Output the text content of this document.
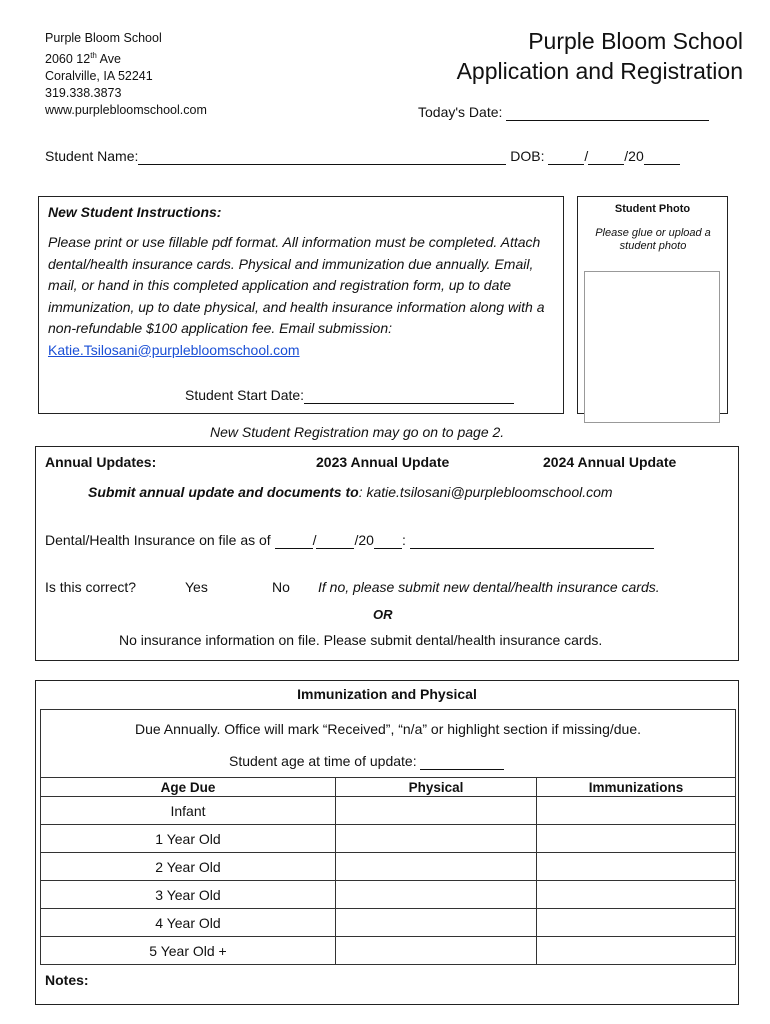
Purple Bloom School
2060 12th Ave
Coralville, IA 52241
319.338.3873
www.purplebloomschool.com
Purple Bloom School
Application and Registration
Today's Date:
Student Name:	DOB:	/	/20
New Student Instructions:
Please print or use fillable pdf format. All information must be completed. Attach dental/health insurance cards. Physical and immunization due annually. Email, mail, or hand in this completed application and registration form, up to date immunization, up to date physical, and health insurance information along with a non-refundable $100 application fee. Email submission: Katie.Tsilosani@purplebloomschool.com
Student Start Date:
Student Photo
Please glue or upload a student photo
New Student Registration may go on to page 2.
Annual Updates:	2023 Annual Update	2024 Annual Update
Submit annual update and documents to: katie.tsilosani@purplebloomschool.com
Dental/Health Insurance on file as of	/	/20 :
Is this correct?	Yes	No If no, please submit new dental/health insurance cards.
OR
No insurance information on file. Please submit dental/health insurance cards.
Immunization and Physical
Due Annually. Office will mark “Received”, “n/a” or highlight section if missing/due.
Student age at time of update:
Age Due	Physical	Immunizations
Infant		
1 Year Old		
2 Year Old		
3 Year Old		
4 Year Old		
5 Year Old +		
Notes:
